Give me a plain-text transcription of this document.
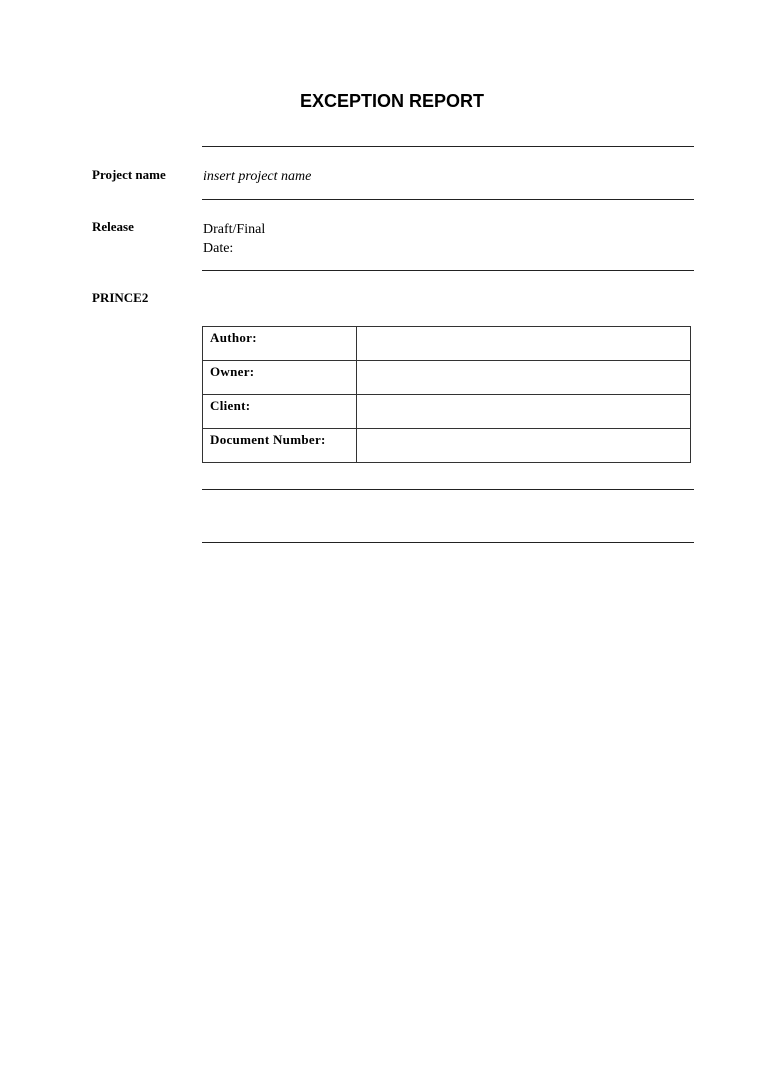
EXCEPTION REPORT
Project name	insert project name
Release	Draft/Final
Date:
PRINCE2
Author:	
Owner:	
Client:	
Document Number:	
